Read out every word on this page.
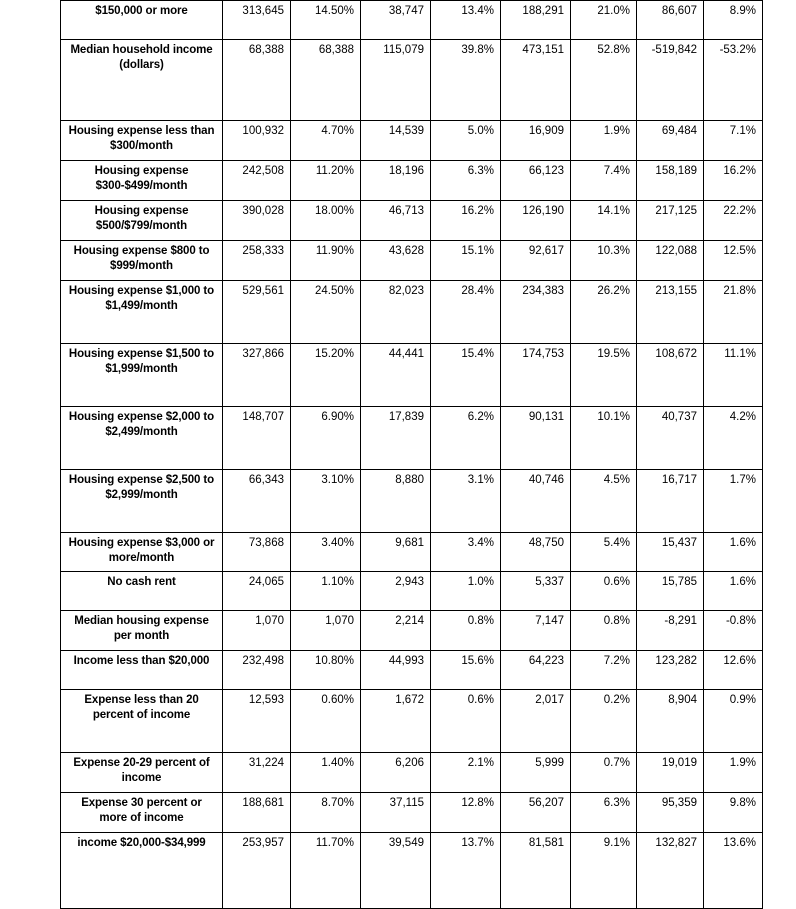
$150,000 or more	313,645	14.50%	38,747	13.4%	188,291	21.0%	86,607	8.9%
Median household income (dollars)	68,388	68,388	115,079	39.8%	473,151	52.8%	-519,842	-53.2%
Housing expense less than $300/month	100,932	4.70%	14,539	5.0%	16,909	1.9%	69,484	7.1%
Housing expense $300-$499/month	242,508	11.20%	18,196	6.3%	66,123	7.4%	158,189	16.2%
Housing expense $500/$799/month	390,028	18.00%	46,713	16.2%	126,190	14.1%	217,125	22.2%
Housing expense $800 to $999/month	258,333	11.90%	43,628	15.1%	92,617	10.3%	122,088	12.5%
Housing expense $1,000 to $1,499/month	529,561	24.50%	82,023	28.4%	234,383	26.2%	213,155	21.8%
Housing expense $1,500 to $1,999/month	327,866	15.20%	44,441	15.4%	174,753	19.5%	108,672	11.1%
Housing expense $2,000 to $2,499/month	148,707	6.90%	17,839	6.2%	90,131	10.1%	40,737	4.2%
Housing expense $2,500 to $2,999/month	66,343	3.10%	8,880	3.1%	40,746	4.5%	16,717	1.7%
Housing expense $3,000 or more/month	73,868	3.40%	9,681	3.4%	48,750	5.4%	15,437	1.6%
No cash rent	24,065	1.10%	2,943	1.0%	5,337	0.6%	15,785	1.6%
Median housing expense per month	1,070	1,070	2,214	0.8%	7,147	0.8%	-8,291	-0.8%
Income less than $20,000	232,498	10.80%	44,993	15.6%	64,223	7.2%	123,282	12.6%
Expense less than 20 percent of income	12,593	0.60%	1,672	0.6%	2,017	0.2%	8,904	0.9%
Expense 20-29 percent of income	31,224	1.40%	6,206	2.1%	5,999	0.7%	19,019	1.9%
Expense 30 percent or more of income	188,681	8.70%	37,115	12.8%	56,207	6.3%	95,359	9.8%
income $20,000-$34,999	253,957	11.70%	39,549	13.7%	81,581	9.1%	132,827	13.6%
